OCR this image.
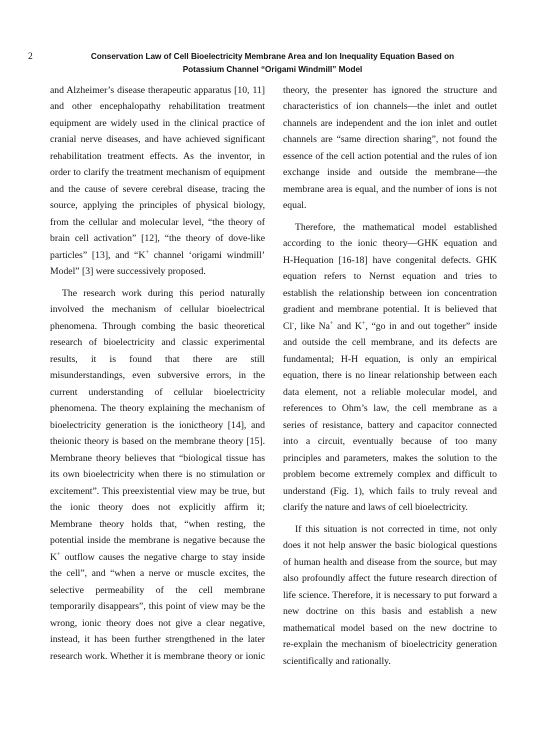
2	Conservation Law of Cell Bioelectricity Membrane Area and Ion Inequality Equation Based on
Potassium Channel “Origami Windmill” Model
and Alzheimer’s disease therapeutic apparatus [10, 11]
and other encephalopathy rehabilitation treatment
equipment are widely used in the clinical practice of
cranial nerve diseases, and have achieved significant
rehabilitation treatment effects. As the inventor, in
order to clarify the treatment mechanism of equipment
and the cause of severe cerebral disease, tracing the
source, applying the principles of physical biology,
from the cellular and molecular level, “the theory of
brain cell activation” [12], “the theory of dove-like
particles” [13], and “K+ channel ‘origami windmill’
Model” [3] were successively proposed.
The research work during this period naturally
involved the mechanism of cellular bioelectrical
phenomena. Through combing the basic theoretical
research of bioelectricity and classic experimental
results, it is found that there are still
misunderstandings, even subversive errors, in the
current understanding of cellular bioelectricity
phenomena. The theory explaining the mechanism of
bioelectricity generation is the ionictheory [14], and
theionic theory is based on the membrane theory [15].
Membrane theory believes that “biological tissue has
its own bioelectricity when there is no stimulation or
excitement”. This preexistential view may be true, but
the ionic theory does not explicitly affirm it;
Membrane theory holds that, “when resting, the
potential inside the membrane is negative because the
K+ outflow causes the negative charge to stay inside
the cell”, and “when a nerve or muscle excites, the
selective permeability of the cell membrane
temporarily disappears”, this point of view may be the
wrong, ionic theory does not give a clear negative,
instead, it has been further strengthened in the later
research work. Whether it is membrane theory or ionic
theory, the presenter has ignored the structure and
characteristics of ion channels—the inlet and outlet
channels are independent and the ion inlet and outlet
channels are “same direction sharing”, not found the
essence of the cell action potential and the rules of ion
exchange inside and outside the membrane—the
membrane area is equal, and the number of ions is not
equal.
Therefore, the mathematical model established
according to the ionic theory—GHK equation and
H-Hequation [16-18] have congenital defects. GHK
equation refers to Nernst equation and tries to
establish the relationship between ion concentration
gradient and membrane potential. It is believed that
Cl-, like Na+ and K+, “go in and out together” inside
and outside the cell membrane, and its defects are
fundamental; H-H equation, is only an empirical
equation, there is no linear relationship between each
data element, not a reliable molecular model, and
references to Ohm’s law, the cell membrane as a
series of resistance, battery and capacitor connected
into a circuit, eventually because of too many
principles and parameters, makes the solution to the
problem become extremely complex and difficult to
understand (Fig. 1), which fails to truly reveal and
clarify the nature and laws of cell bioelectricity.
If this situation is not corrected in time, not only
does it not help answer the basic biological questions
of human health and disease from the source, but may
also profoundly affect the future research direction of
life science. Therefore, it is necessary to put forward a
new doctrine on this basis and establish a new
mathematical model based on the new doctrine to
re-explain the mechanism of bioelectricity generation
scientifically and rationally.
